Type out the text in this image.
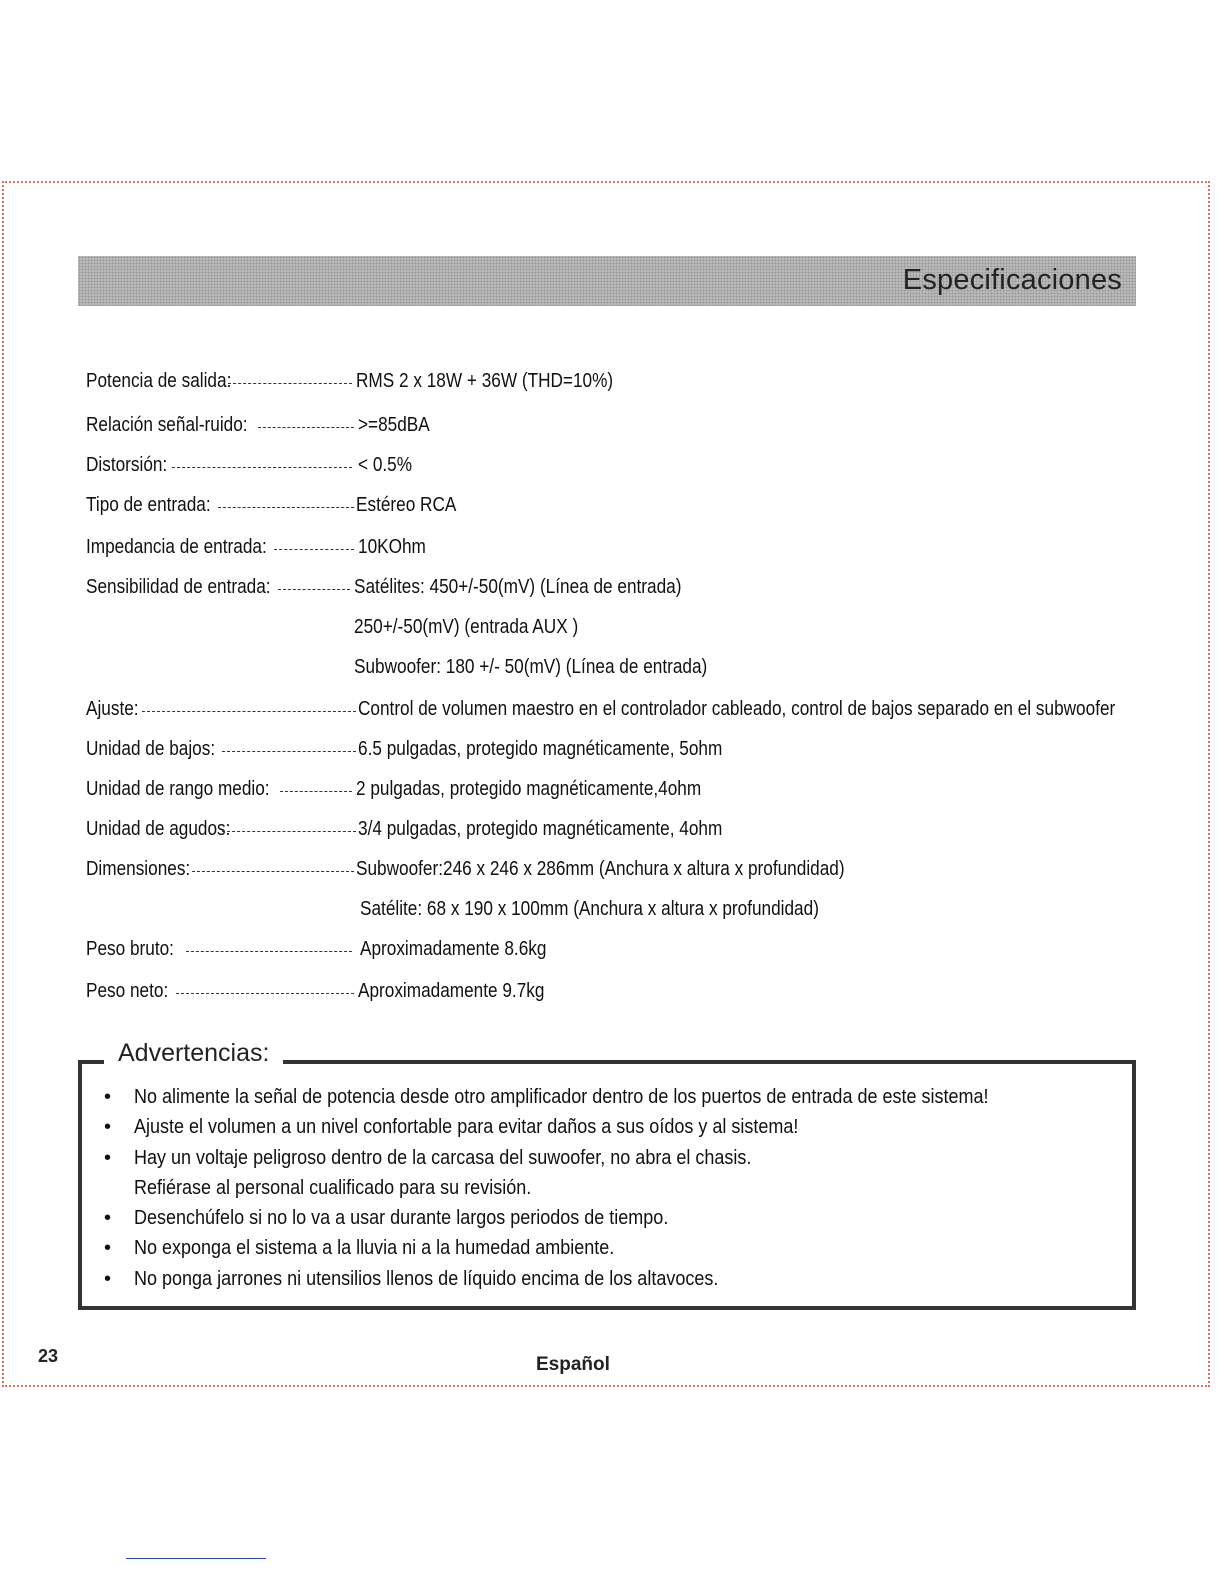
Especificaciones
Potencia de salida:	RMS 2 x 18W + 36W (THD=10%)
Relación señal-ruido:	>=85dBA
Distorsión:	< 0.5%
Tipo de entrada:	Estéreo RCA
Impedancia de entrada:	10KOhm
Sensibilidad de entrada:	Satélites: 450+/-50(mV) (Línea de entrada)
250+/-50(mV) (entrada AUX )
Subwoofer: 180 +/- 50(mV) (Línea de entrada)
Ajuste:	Control de volumen maestro en el controlador cableado, control de bajos separado en el subwoofer
Unidad de bajos:	6.5 pulgadas, protegido magnéticamente, 5ohm
Unidad de rango medio:	2 pulgadas, protegido magnéticamente,4ohm
Unidad de agudos:	3/4 pulgadas, protegido magnéticamente, 4ohm
Dimensiones:	Subwoofer:246 x 246 x 286mm (Anchura x altura x profundidad)
Satélite: 68 x 190 x 100mm (Anchura x altura x profundidad)
Peso bruto:	Aproximadamente 8.6kg
Peso neto:	Aproximadamente 9.7kg
Advertencias:
• No alimente la señal de potencia desde otro amplificador dentro de los puertos de entrada de este sistema!
• Ajuste el volumen a un nivel confortable para evitar daños a sus oídos y al sistema!
• Hay un voltaje peligroso dentro de la carcasa del suwoofer, no abra el chasis.
Refiérase al personal cualificado para su revisión.
• Desenchúfelo si no lo va a usar durante largos periodos de tiempo.
• No exponga el sistema a la lluvia ni a la humedad ambiente.
• No ponga jarrones ni utensilios llenos de líquido encima de los altavoces.
23	Español
